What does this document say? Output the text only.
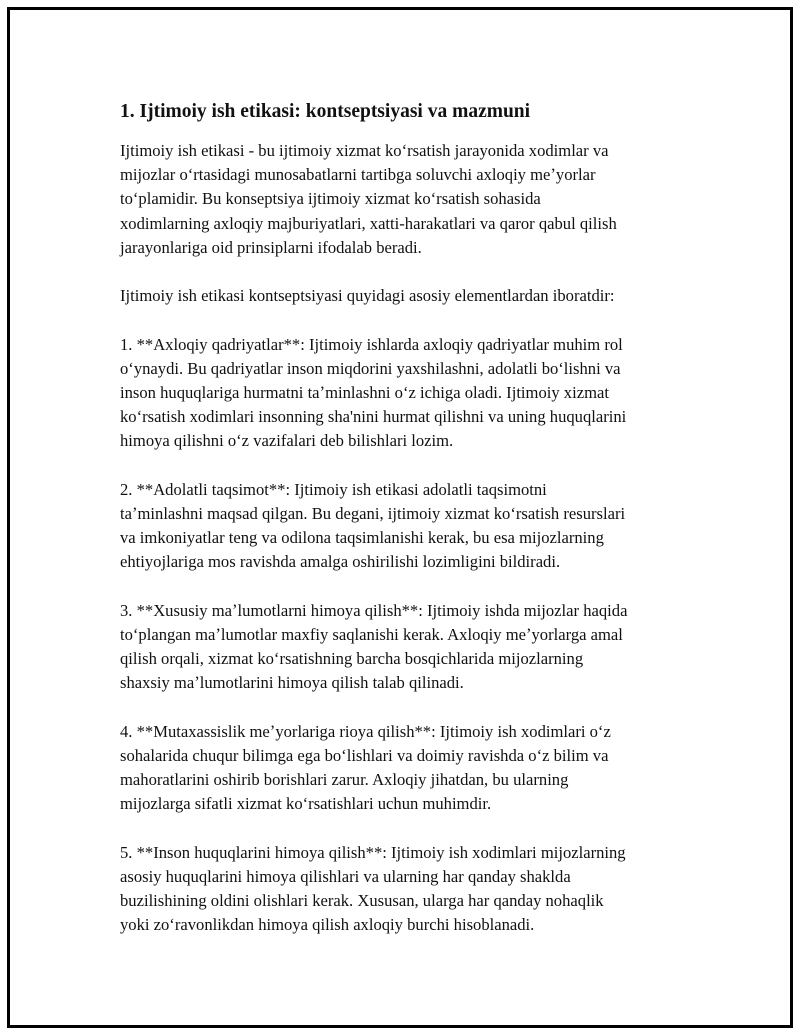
1. Ijtimoiy ish etikasi: kontseptsiyasi va mazmuni
Ijtimoiy ish etikasi - bu ijtimoiy xizmat koʻrsatish jarayonida xodimlar va
mijozlar oʻrtasidagi munosabatlarni tartibga soluvchi axloqiy meʼyorlar
toʻplamidir. Bu konseptsiya ijtimoiy xizmat koʻrsatish sohasida
xodimlarning axloqiy majburiyatlari, xatti-harakatlari va qaror qabul qilish
jarayonlariga oid prinsiplarni ifodalab beradi.
Ijtimoiy ish etikasi kontseptsiyasi quyidagi asosiy elementlardan iboratdir:
1. **Axloqiy qadriyatlar**: Ijtimoiy ishlarda axloqiy qadriyatlar muhim rol
oʻynaydi. Bu qadriyatlar inson miqdorini yaxshilashni, adolatli boʻlishni va
inson huquqlariga hurmatni taʼminlashni oʻz ichiga oladi. Ijtimoiy xizmat
koʻrsatish xodimlari insonning sha'nini hurmat qilishni va uning huquqlarini
himoya qilishni oʻz vazifalari deb bilishlari lozim.
2. **Adolatli taqsimot**: Ijtimoiy ish etikasi adolatli taqsimotni
taʼminlashni maqsad qilgan. Bu degani, ijtimoiy xizmat koʻrsatish resurslari
va imkoniyatlar teng va odilona taqsimlanishi kerak, bu esa mijozlarning
ehtiyojlariga mos ravishda amalga oshirilishi lozimligini bildiradi.
3. **Xususiy maʼlumotlarni himoya qilish**: Ijtimoiy ishda mijozlar haqida
toʻplangan maʼlumotlar maxfiy saqlanishi kerak. Axloqiy meʼyorlarga amal
qilish orqali, xizmat koʻrsatishning barcha bosqichlarida mijozlarning
shaxsiy maʼlumotlarini himoya qilish talab qilinadi.
4. **Mutaxassislik meʼyorlariga rioya qilish**: Ijtimoiy ish xodimlari oʻz
sohalarida chuqur bilimga ega boʻlishlari va doimiy ravishda oʻz bilim va
mahoratlarini oshirib borishlari zarur. Axloqiy jihatdan, bu ularning
mijozlarga sifatli xizmat koʻrsatishlari uchun muhimdir.
5. **Inson huquqlarini himoya qilish**: Ijtimoiy ish xodimlari mijozlarning
asosiy huquqlarini himoya qilishlari va ularning har qanday shaklda
buzilishining oldini olishlari kerak. Xususan, ularga har qanday nohaqlik
yoki zoʻravonlikdan himoya qilish axloqiy burchi hisoblanadi.
